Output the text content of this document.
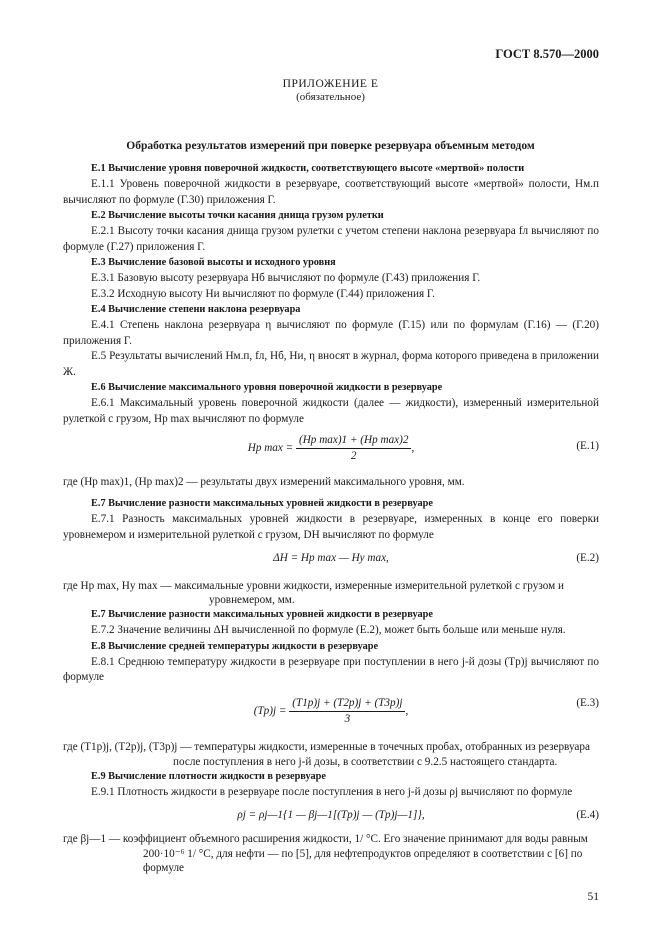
ГОСТ 8.570—2000
ПРИЛОЖЕНИЕ Е
(обязательное)
Обработка результатов измерений при поверке резервуара объемным методом

Е.1 Вычисление уровня поверочной жидкости, соответствующего высоте «мертвой» полости

Е.1.1 Уровень поверочной жидкости в резервуаре, соответствующий высоте «мертвой» полости, Hм.п вычисляют по формуле (Г.30) приложения Г.

Е.2 Вычисление высоты точки касания днища грузом рулетки

Е.2.1 Высоту точки касания днища грузом рулетки с учетом степени наклона резервуара fл вычисляют по формуле (Г.27) приложения Г.

Е.3 Вычисление базовой высоты и исходного уровня

Е.3.1 Базовую высоту резервуара Hб вычисляют по формуле (Г.43) приложения Г.

Е.3.2 Исходную высоту Hи вычисляют по формуле (Г.44) приложения Г.

Е.4 Вычисление степени наклона резервуара

Е.4.1 Степень наклона резервуара η вычисляют по формуле (Г.15) или по формулам (Г.16) — (Г.20) приложения Г.

Е.5 Результаты вычислений Hм.п, fл, Hб, Hи, η вносят в журнал, форма которого приведена в приложении Ж.

Е.6 Вычисление максимального уровня поверочной жидкости в резервуаре

Е.6.1 Максимальный уровень поверочной жидкости (далее — жидкости), измеренный измерительной рулеткой с грузом, Hp max вычисляют по формуле

Hp $\max = \frac{\text{(Hp max)1 + (Hp max)2}}{2}$ ,	(Е.1)

где (Hp max)1, (Hp max)2 — результаты двух измерений максимального уровня, мм.

Е.7 Вычисление разности максимальных уровней жидкости в резервуаре

Е.7.1 Разность максимальных уровней жидкости в резервуаре, измеренных в конце его поверки уровнемером и измерительной рулеткой с грузом, DH вычисляют по формуле

ΔH = Hp max — Hy max,	(Е.2)

где Hp max, Hy max — максимальные уровни жидкости, измеренные измерительной рулеткой с грузом и

уровнемером, мм.

Е.7 Вычисление разности максимальных уровней жидкости в резервуаре

Е.7.2 Значение величины ΔH вычисленной по формуле (Е.2), может быть больше или меньше нуля.

Е.8 Вычисление средней температуры жидкости в резервуаре

Е.8.1 Среднюю температуру жидкости в резервуаре при поступлении в него j-й дозы (Tp)j вычисляют по формуле

$(Tp)j = \frac{(T1p)j + (T2p)j + (T3p)j}{3}$ ,
(Е.3)

где (T1p)j, (T2p)j, (T3p)j — температуры жидкости, измеренные в точечных пробах, отобранных из резервуара

после поступления в него j-й дозы, в соответствии с 9.2.5 настоящего стандарта.

Е.9 Вычисление плотности жидкости в резервуаре

Е.9.1 Плотность жидкости в резервуаре после поступления в него j-й дозы ρj вычисляют по формуле

ρj = ρj—1{1 — βj—1[(Tp)j — (Tp)j—1]},	(Е.4)

где βj—1 — коэффициент объемного расширения жидкости, 1/ °С. Его значение принимают для воды равным

200·10⁻⁶ 1/ °С, для нефти — по [5], для нефтепродуктов определяют в соответствии с [6] по формуле

51
